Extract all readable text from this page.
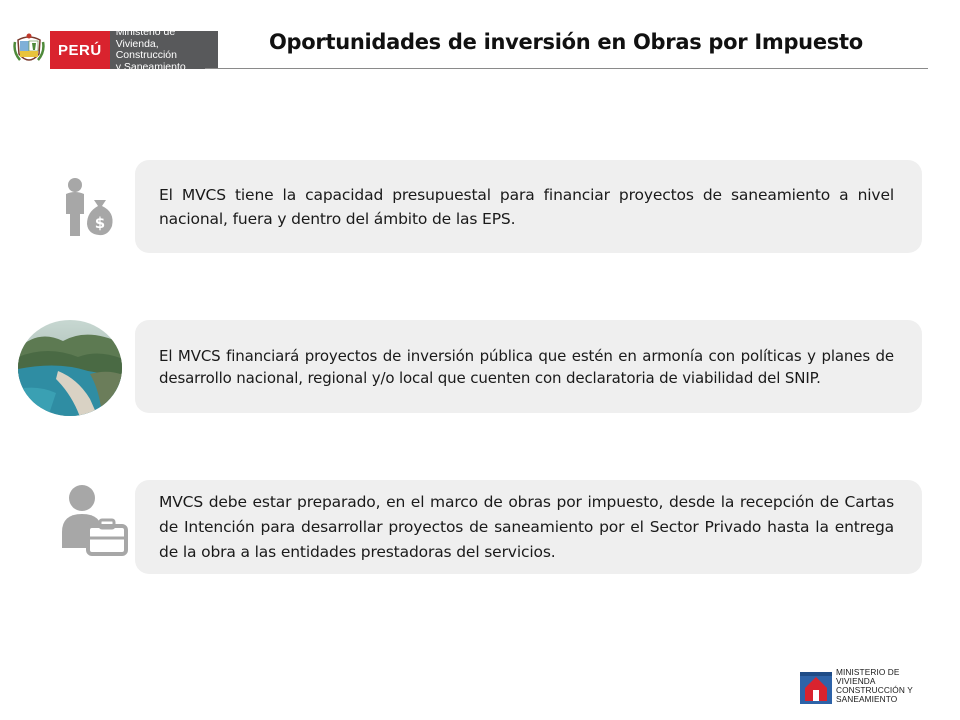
PERÚ
Ministerio de
Vivienda, Construcción
y Saneamiento
Oportunidades de inversión en Obras por Impuesto
$

El MVCS tiene la capacidad presupuestal para financiar proyectos de saneamiento a nivel nacional, fuera y dentro del ámbito de las EPS.

El MVCS financiará proyectos de inversión pública que estén en armonía con políticas y planes de desarrollo nacional, regional y/o local que cuenten con declaratoria de viabilidad del SNIP.

MVCS debe estar preparado, en el marco de obras por impuesto, desde la recepción de Cartas de Intención para desarrollar proyectos de saneamiento por el Sector Privado hasta la entrega de la obra a las entidades prestadoras del servicios.

MINISTERIO DE
VIVIENDA
CONSTRUCCIÓN Y
SANEAMIENTO
